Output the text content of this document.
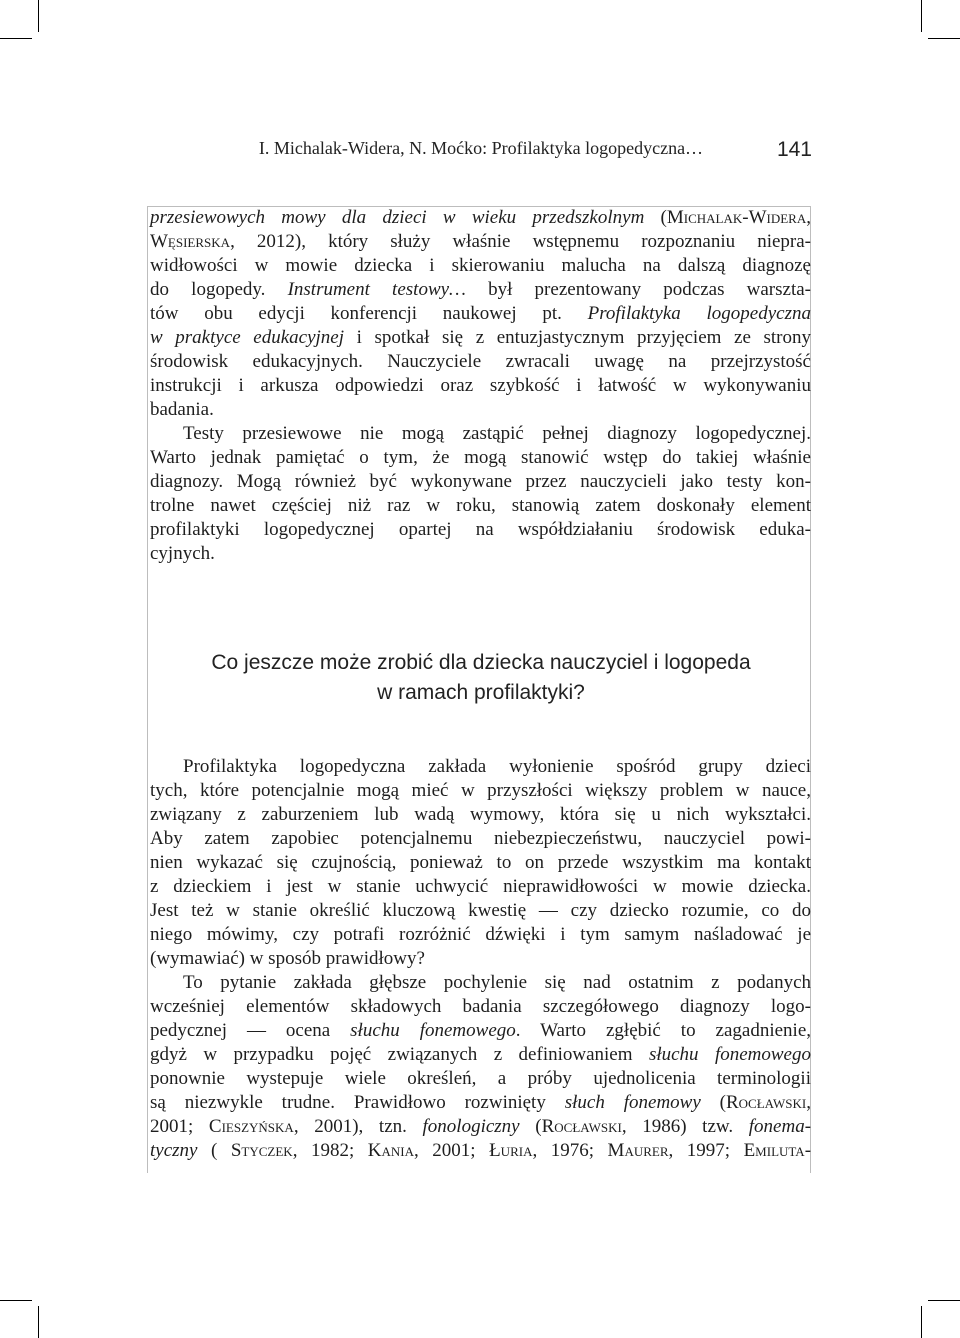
I. Michalak-Widera, N. Moćko: Profilaktyka logopedyczna…	141
przesiewowych mowy dla dzieci w wieku przedszkolnym (Michalak-Widera,
Węsierska, 2012), który służy właśnie wstępnemu rozpoznaniu niepra-
widłowości w mowie dziecka i skierowaniu malucha na dalszą diagnozę
do logopedy. Instrument testowy… był prezentowany podczas warszta-
tów obu edycji konferencji naukowej pt. Profilaktyka logopedyczna
w praktyce edukacyjnej i spotkał się z entuzjastycznym przyjęciem ze strony
środowisk edukacyjnych. Nauczyciele zwracali uwagę na przejrzystość
instrukcji i arkusza odpowiedzi oraz szybkość i łatwość w wykonywaniu
badania.
Testy przesiewowe nie mogą zastąpić pełnej diagnozy logopedycznej.
Warto jednak pamiętać o tym, że mogą stanowić wstęp do takiej właśnie
diagnozy. Mogą również być wykonywane przez nauczycieli jako testy kon-
trolne nawet częściej niż raz w roku, stanowią zatem doskonały element
profilaktyki logopedycznej opartej na współdziałaniu środowisk eduka-
cyjnych.
Co jeszcze może zrobić dla dziecka nauczyciel i logopeda
w ramach profilaktyki?
Profilaktyka logopedyczna zakłada wyłonienie spośród grupy dzieci
tych, które potencjalnie mogą mieć w przyszłości większy problem w nauce,
związany z zaburzeniem lub wadą wymowy, która się u nich wykształci.
Aby zatem zapobiec potencjalnemu niebezpieczeństwu, nauczyciel powi-
nien wykazać się czujnością, ponieważ to on przede wszystkim ma kontakt
z dzieckiem i jest w stanie uchwycić nieprawidłowości w mowie dziecka.
Jest też w stanie określić kluczową kwestię — czy dziecko rozumie, co do
niego mówimy, czy potrafi rozróżnić dźwięki i tym samym naśladować je
(wymawiać) w sposób prawidłowy?
To pytanie zakłada głębsze pochylenie się nad ostatnim z podanych
wcześniej elementów składowych badania szczegółowego diagnozy logo-
pedycznej — ocena słuchu fonemowego. Warto zgłębić to zagadnienie,
gdyż w przypadku pojęć związanych z definiowaniem słuchu fonemowego
ponownie wystepuje wiele określeń, a próby ujednolicenia terminologii
są niezwykle trudne. Prawidłowo rozwinięty słuch fonemowy (Rocławski,
2001; Cieszyńska, 2001), tzn. fonologiczny (Rocławski, 1986) tzw. fonema-
tyczny ( Styczek, 1982; Kania, 2001; Łuria, 1976; Maurer, 1997; Emiluta-
